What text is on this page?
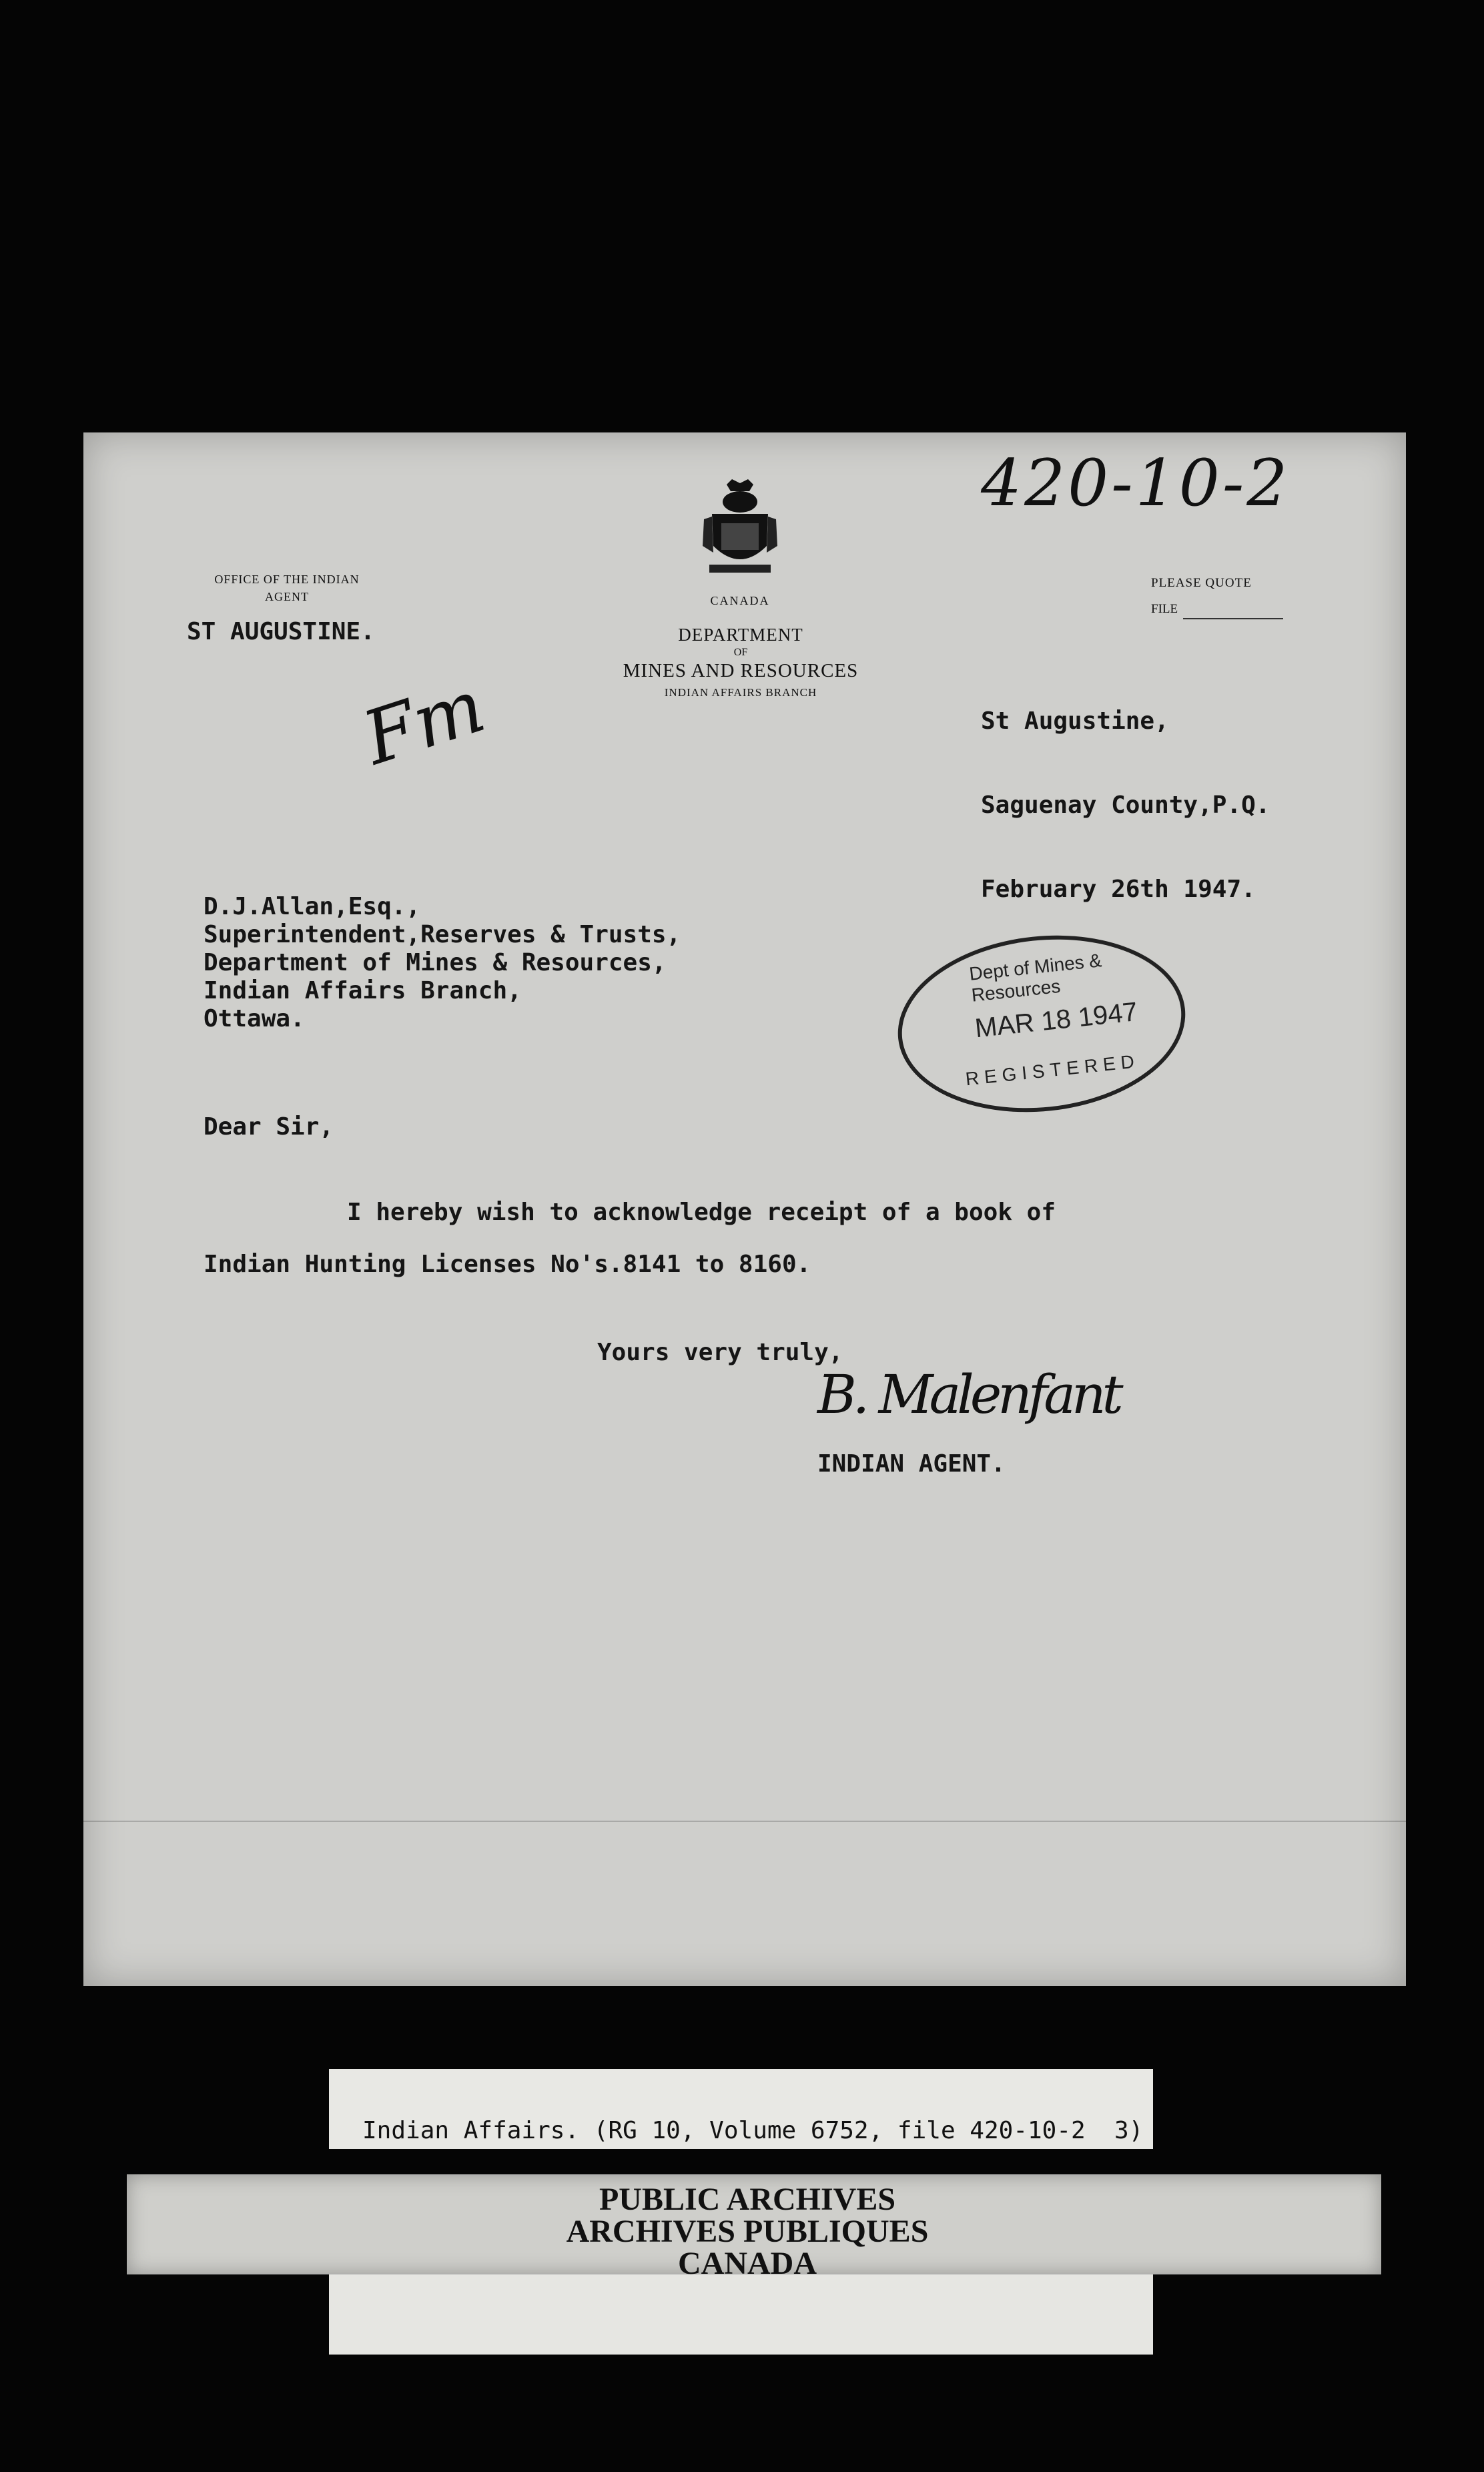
420-10-2
OFFICE OF THE INDIAN AGENT
ST AUGUSTINE.
CANADA
DEPARTMENT
OF
MINES AND RESOURCES
INDIAN AFFAIRS BRANCH
PLEASE QUOTE
FILE
Fm

	St Augustine,

Saguenay County,P.Q.

February 26th 1947.

D.J.Allan,Esq.,
Superintendent,Reserves & Trusts,
Department of Mines & Resources,
Indian Affairs Branch,
Ottawa.
Dept of Mines & Resources
MAR 18 1947
REGISTERED
Dear Sir,
I hereby wish to acknowledge receipt of a book of
Indian Hunting Licenses No's.8141 to 8160.
Yours very truly,
B. Malenfant
INDIAN AGENT.
Indian Affairs. (RG 10, Volume 6752, file 420-10-2  3)
PUBLIC ARCHIVES
ARCHIVES PUBLIQUES
CANADA
